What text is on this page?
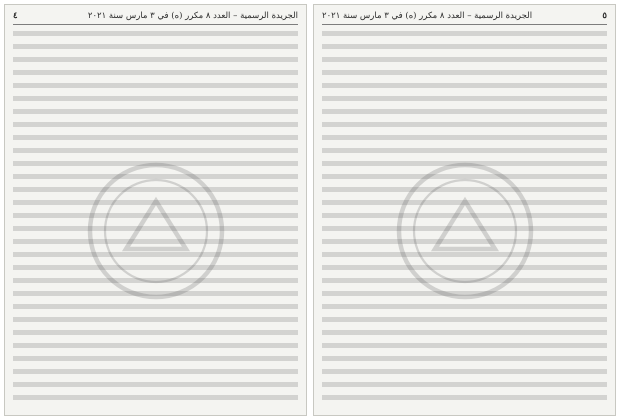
الجريدة الرسمية – العدد ٨ مكرر (ه) في ٣ مارس سنة ٢٠٢١
٤	٥
الجريدة الرسمية – العدد ٨ مكرر (ه) في ٣ مارس سنة ٢٠٢١
